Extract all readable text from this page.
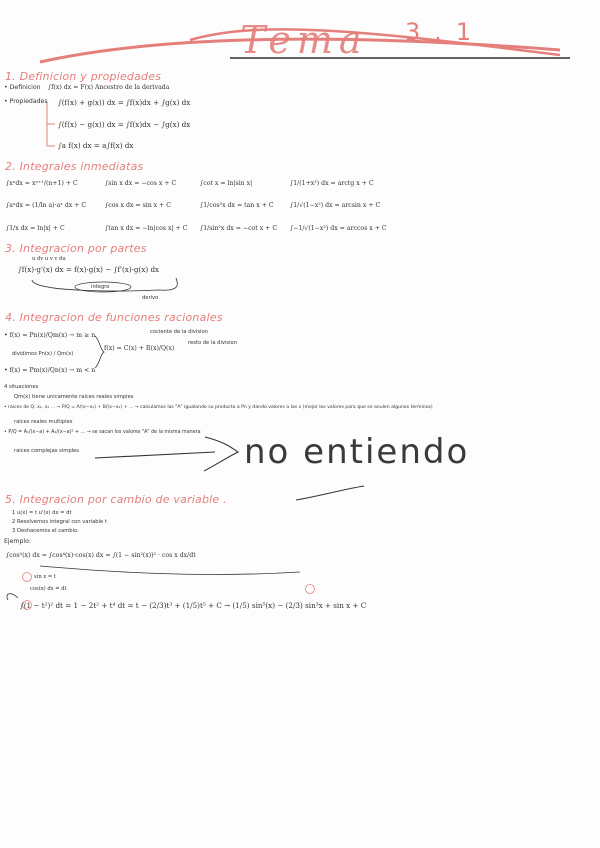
Tema 3.1
1. Definicion y propiedades
• Definicion ∫f(x) dx = F(x) Ancestro de la derivada
• Propiedades ∫(f(x) + g(x)) dx = ∫f(x)dx + ∫g(x) dx
∫(f(x) − g(x)) dx = ∫f(x)dx − ∫g(x) dx
∫a f(x) dx = a∫f(x) dx
2. Integrales inmediatas
∫xⁿdx = xⁿ⁺¹/(n+1) + C	∫sin x dx = −cos x + C	∫cot x = ln|sin x|	∫1/(1+x²) dx = arctg x + C
∫aˣdx = (1/ln a)·aˣ dx + C	∫cos x dx = sin x + C	∫1/cos²x dx = tan x + C	∫1/√(1−x²) dx = arcsin x + C
∫1/x dx = ln|x| + C	∫tan x dx = −ln|cos x| + C ∫1/sin²x dx = −cot x + C ∫−1/√(1−x²) dx = arccos x + C
3. Integracion por partes
u dv u v v du
∫f(x)·g'(x) dx = f(x)·g(x) − ∫f'(x)·g(x) dx
integro
derivo
4. Integracion de funciones racionales
• f(x) = Pn(x)/Qm(x) → m ≥ n	cociente de la division
f(x) = C(x) + R(x)/Q(x)
resto de la division
dividimos Pn(x) / Qm(x)
• f(x) = Pm(x)/Qn(x) → m < n
4 situaciones
Qm(x) tiene unicamente raices reales simples
• raices de Q: x₁, x₂ ... → P/Q = A/(x−x₁) + B/(x−x₂) + ... → calculamos las "A" igualando su producto a Pn y dando valores a las x (mejor los valores para que se anulen algunos terminos)
raices reales multiples
• P/Q = A₁/(x−a) + A₂/(x−a)² + ... → se sacan los valores "A" de la misma manera
raices complejas simples	no entiendo
5. Integracion por cambio de variable .
1 u(x) = t u'(x) dx = dt
2 Resolvemos integral con variable t
3 Deshacemos el cambio.
Ejemplo:
∫cos⁵(x) dx = ∫cos⁴(x)·cos(x) dx = ∫(1 − sin²(x))² · cos x dx/dt
sin x = t
cos(x) dx = dt
∫(1 − t²)² dt = 1 − 2t² + t⁴ dt = t − (2/3)t³ + (1/5)t⁵ + C → (1/5) sin⁵(x) − (2/3) sin³x + sin x + C
